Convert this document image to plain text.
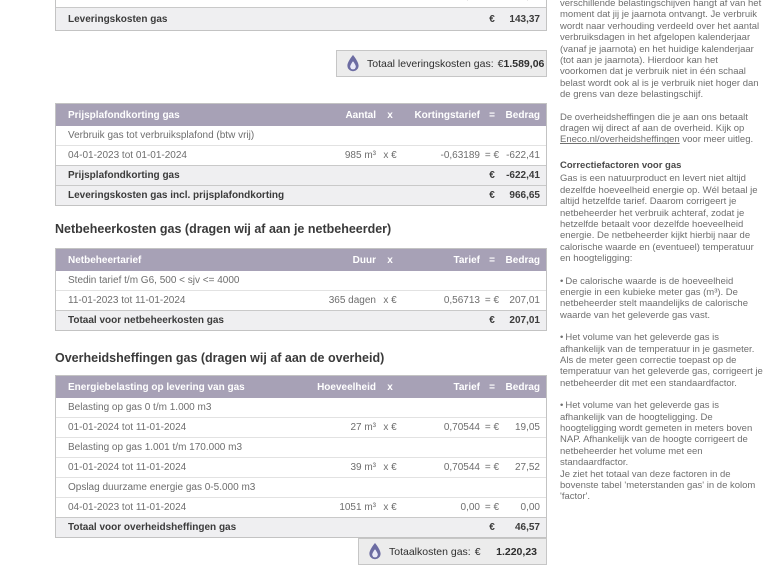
Leveringskosten gas	€	143,37
Totaal leveringskosten gas: € 1.589,06
Prijsplafondkorting gas	Aantal	x	Kortingstarief =	Bedrag
Verbruik gas tot verbruiksplafond (btw vrij)
04-01-2023 tot 01-01-2024	985 m³ x €	-0,63189 = € -622,41
Prijsplafondkorting gas	€	-622,41
Leveringskosten gas incl. prijsplafondkorting	€	966,65
Netbeheerkosten gas (dragen wij af aan je netbeheerder)
Netbeheertarief	Duur	x	Tarief =	Bedrag
Stedin tarief t/m G6, 500 < sjv <= 4000
11-01-2023 tot 11-01-2024	365 dagen x €	0,56713 = €	207,01
Totaal voor netbeheerkosten gas	€	207,01
Overheidsheffingen gas (dragen wij af aan de overheid)
Energiebelasting op levering van gas	Hoeveelheid	x	Tarief =	Bedrag
Belasting op gas 0 t/m 1.000 m3
01-01-2024 tot 11-01-2024	27 m³ x €	0,70544 = €	19,05
Belasting op gas 1.001 t/m 170.000 m3
01-01-2024 tot 11-01-2024	39 m³ x €	0,70544 = €	27,52
Opslag duurzame energie gas 0-5.000 m3
04-01-2023 tot 11-01-2024	1051 m³ x €	0,00 = €	0,00
Totaal voor overheidsheffingen gas	€	46,57
Totaalkosten gas: € 1.220,23

verschillende belastingschijven hangt af van het moment dat jij je jaarnota ontvangt. Je verbruik wordt naar verhouding verdeeld over het aantal verbruiksdagen in het afgelopen kalenderjaar (vanaf je jaarnota) en het huidige kalenderjaar (tot aan je jaarnota). Hierdoor kan het voorkomen dat je verbruik niet in één schaal belast wordt ook al is je verbruik niet hoger dan de grens van deze belastingschijf.

De overheidsheffingen die je aan ons betaalt dragen wij direct af aan de overheid. Kijk op Eneco.nl/overheidsheffingen voor meer uitleg.

Correctiefactoren voor gas

Gas is een natuurproduct en levert niet altijd dezelfde hoeveelheid energie op. Wél betaal je altijd hetzelfde tarief. Daarom corrigeert je netbeheerder het verbruik achteraf, zodat je hetzelfde betaalt voor dezelfde hoeveelheid energie. De netbeheerder kijkt hierbij naar de calorische waarde en (eventueel) temperatuur en hoogteligging:

• De calorische waarde is de hoeveelheid energie in een kubieke meter gas (m³). De netbeheerder stelt maandelijks de calorische waarde van het geleverde gas vast.

• Het volume van het geleverde gas is afhankelijk van de temperatuur in je gasmeter. Als de meter geen correctie toepast op de temperatuur van het geleverde gas, corrigeert je netbeheerder dit met een standaardfactor.

• Het volume van het geleverde gas is afhankelijk van de hoogteligging. De hoogteligging wordt gemeten in meters boven NAP. Afhankelijk van de hoogte corrigeert de netbeheerder het volume met een standaardfactor.
Je ziet het totaal van deze factoren in de bovenste tabel 'meterstanden gas' in de kolom 'factor'.
